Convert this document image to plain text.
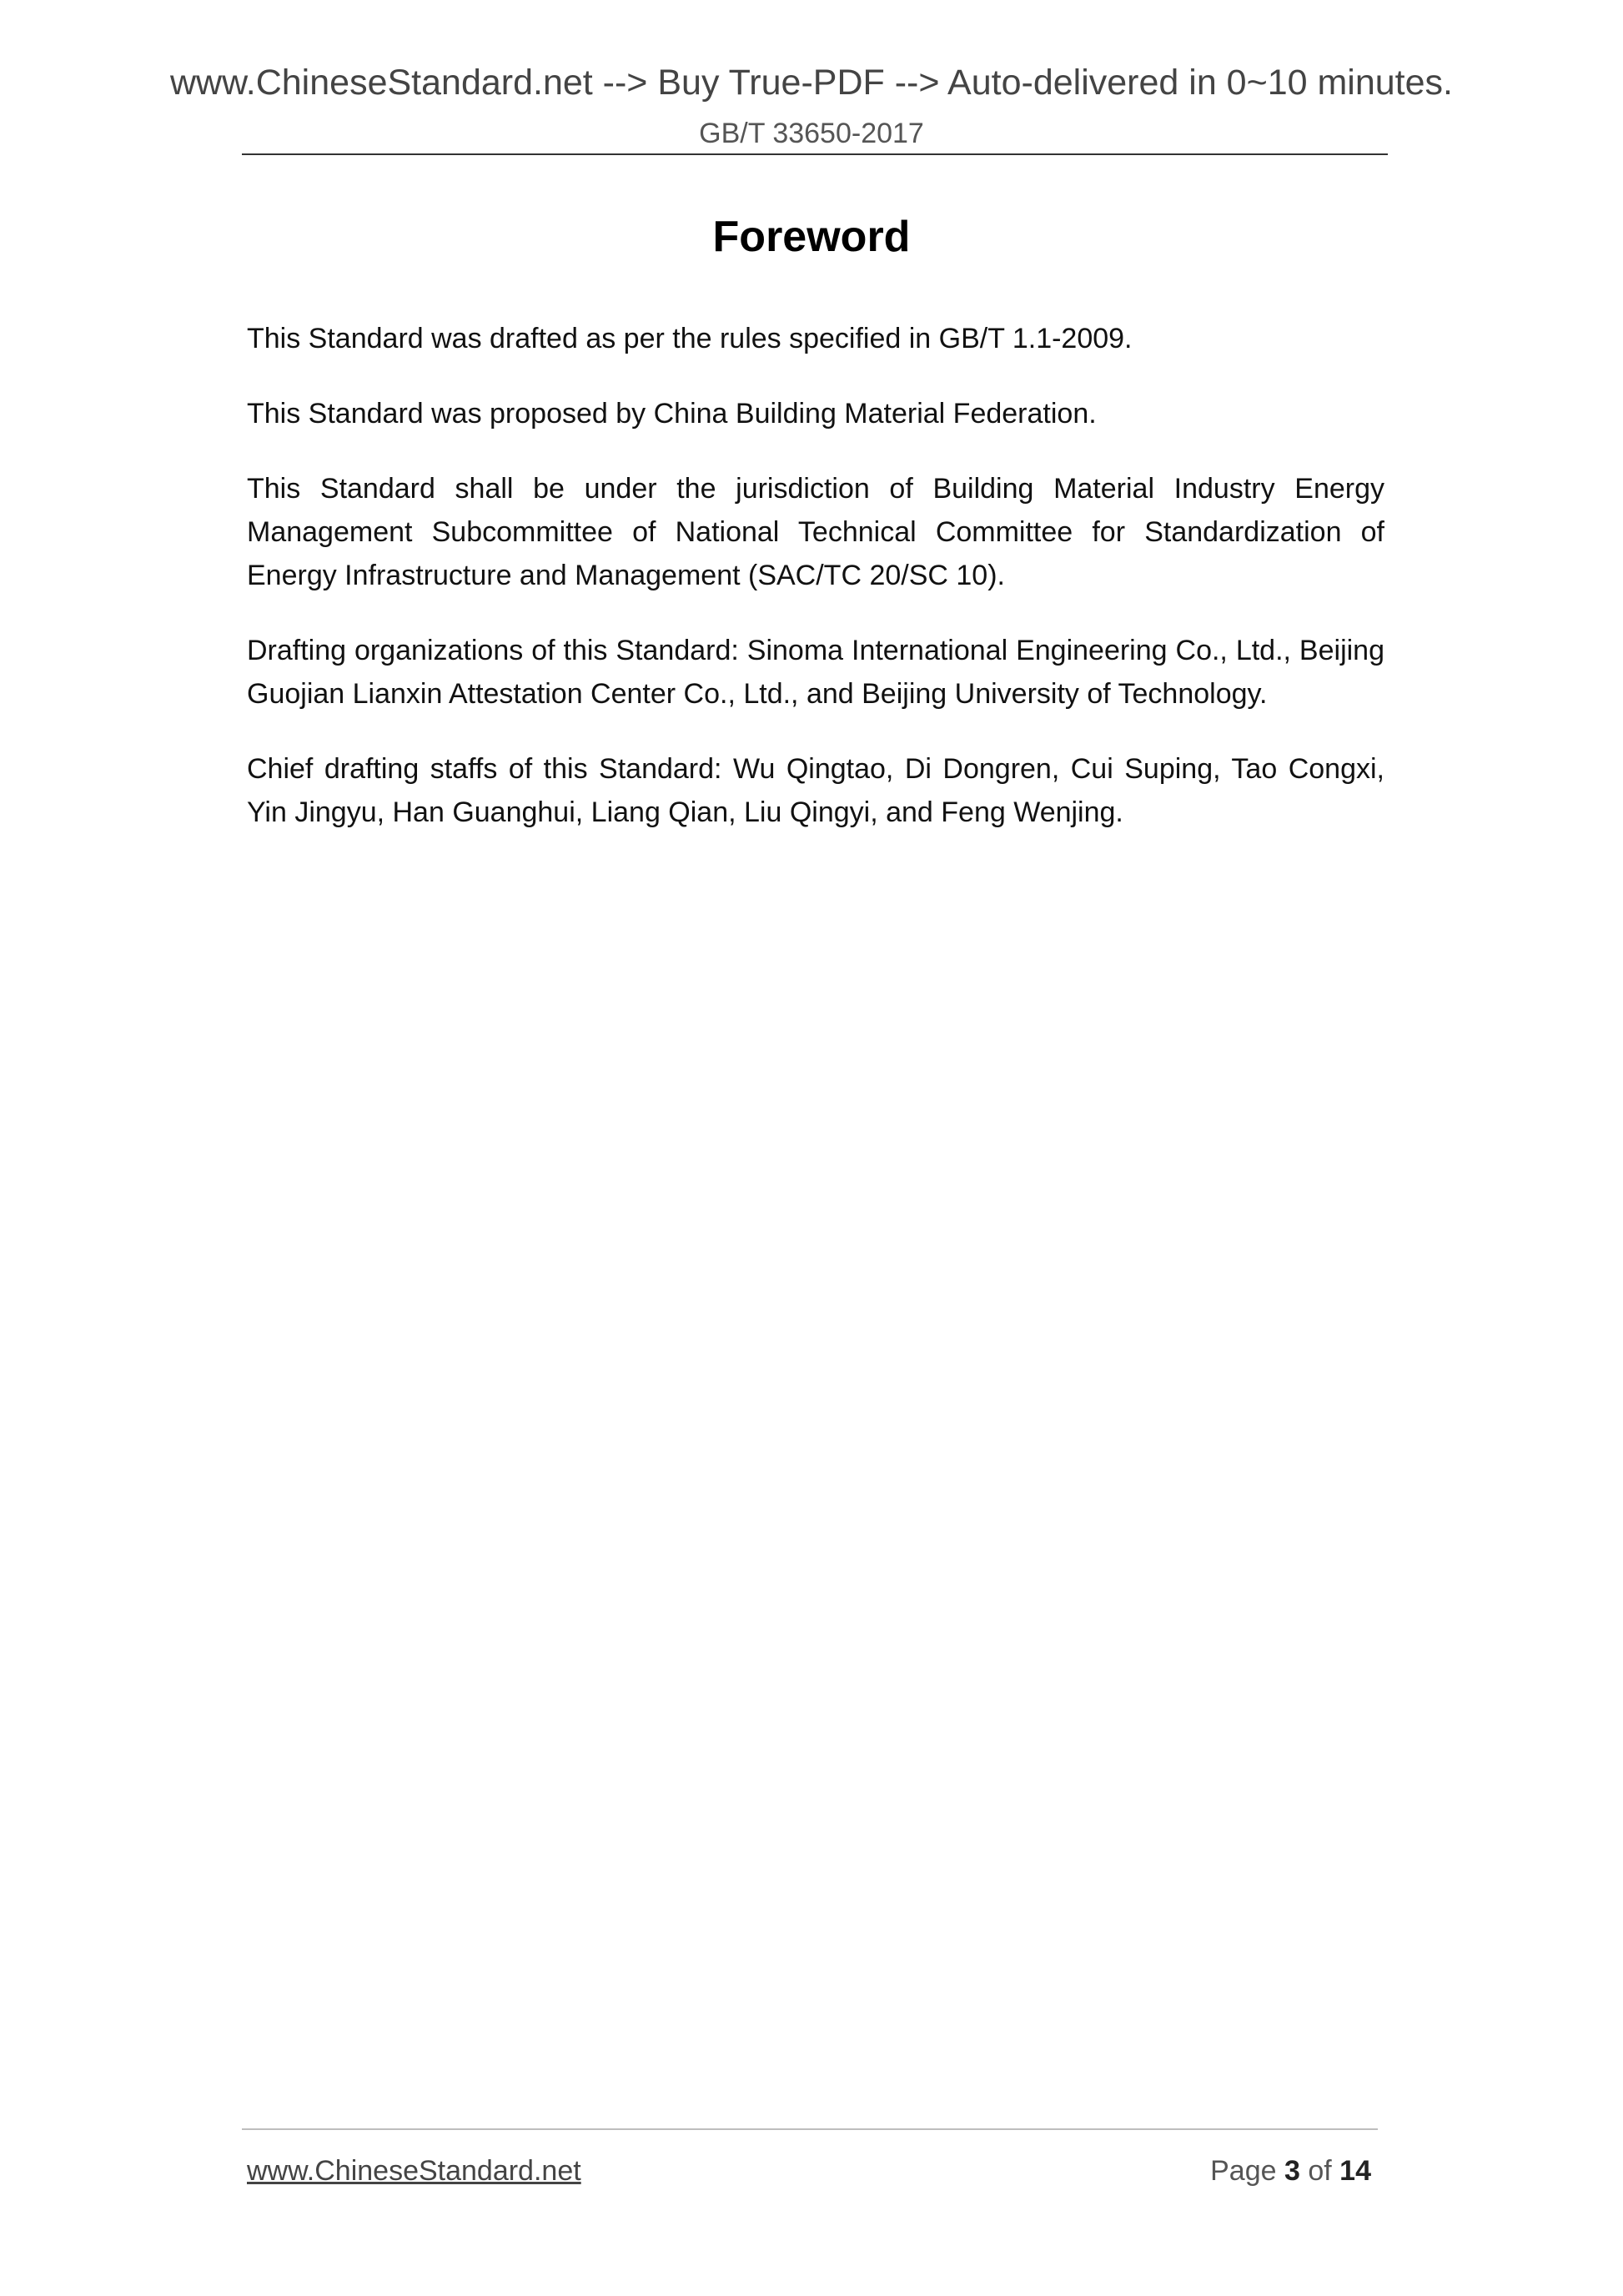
www.ChineseStandard.net --> Buy True-PDF --> Auto-delivered in 0~10 minutes.
GB/T 33650-2017
Foreword

This Standard was drafted as per the rules specified in GB/T 1.1-2009.

This Standard was proposed by China Building Material Federation.

This Standard shall be under the jurisdiction of Building Material Industry Energy Management Subcommittee of National Technical Committee for Standardization of Energy Infrastructure and Management (SAC/TC 20/SC 10).

Drafting organizations of this Standard: Sinoma International Engineering Co., Ltd., Beijing Guojian Lianxin Attestation Center Co., Ltd., and Beijing University of Technology.

Chief drafting staffs of this Standard: Wu Qingtao, Di Dongren, Cui Suping, Tao Congxi, Yin Jingyu, Han Guanghui, Liang Qian, Liu Qingyi, and Feng Wenjing.

www.ChineseStandard.net	Page 3 of 14
